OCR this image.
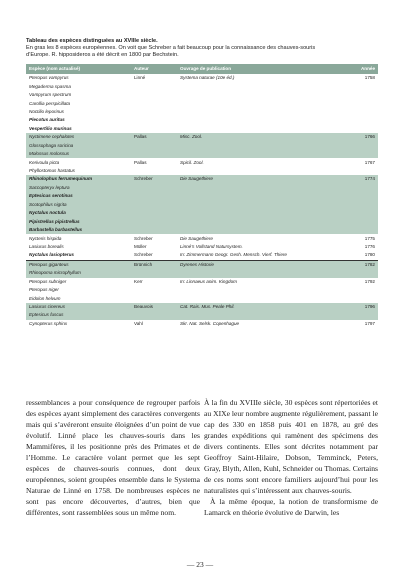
Tableau des espèces distinguées au XVIIIe siècle.
En gras les 8 espèces européennes. On voit que Schreber a fait beaucoup pour la connaissance des chauves-souris
d’Europe. R. hipposideros a été décrit en 1800 par Bechstein.
Espèce (nom actualisé)	Auteur	Ouvrage de publication	Année
Pteropus vampyrus	Linné	Systema naturae (10e éd.)	1758
Megaderma spasma			
Vampyrum spectrum			
Carollia perspicillata			
Noctilio leporinus			
Plecotus auritus			
Vespertilio murinus			
Nyctimene cephalotes	Pallas	Misc. Zool.	1766
Glossophaga soricina			
Molossus molossus			
Kerivoula picta	Pallas	Spicil. Zool.	1767
Phyllostomus hastatus			
Rhinolophus ferrumequinum	Schreber	Die Saugethiere	1774
Saccopteryx leptura			
Eptesicus serotinus			
Scotophilus nigrita			
Nyctalus noctula			
Pipistrellus pipistrellus			
Barbastella barbastellus			
Nycteris hispida	Schreber	Die Saugethiere	1775
Lasiurus borealis	Müller	Linné’s Vollstand Natursystem.	1776
Nyctalus lasiopterus	Schreber	In: Zimmermann Geogr. Gesh. Mensch. Vierf. Thiere	1780
Pteropus giganteus	Brünnich	Dyrenes Historie	1782
Rhinopoma microphyllum			
Pteropus subniger	Kerr	In: Linnaeus anim. Kingdom	1792
Pteropus niger			
Eidolon helvum			
Lasiurus cinereus	Beauvois	Cat. Rais. Mus. Peale Phil.	1796
Eptesicus fuscus			
Cynopterus sphinx	Vahl	Skr. Nat. Selsk. Copenhague	1797

ressemblances a pour conséquence de regrouper parfois des espèces ayant simplement des caractères convergents mais qui s’avéreront ensuite éloignées d’un point de vue évolutif. Linné place les chauves-souris dans les Mammifères, il les positionne près des Primates et de l’Homme. Le caractère volant permet que les sept espèces de chauves-souris connues, dont deux européennes, soient groupées ensemble dans le Systema Naturae de Linné en 1758. De nombreuses espèces ne sont pas encore découvertes, d’autres, bien que différentes, sont rassemblées sous un même nom.

À la fin du XVIIIe siècle, 30 espèces sont répertoriées et au XIXe leur nombre augmente régulièrement, passant le cap des 330 en 1858 puis 401 en 1878, au gré des grandes expéditions qui ramènent des spécimens des divers continents. Elles sont décrites notamment par Geoffroy Saint-Hilaire, Dobson, Temminck, Peters, Gray, Blyth, Allen, Kuhl, Schneider ou Thomas. Certains de ces noms sont encore familiers aujourd’hui pour les naturalistes qui s’intéressent aux chauves-souris.

À la même époque, la notion de transformisme de Lamarck en théorie évolutive de Darwin, les

— 23 —
